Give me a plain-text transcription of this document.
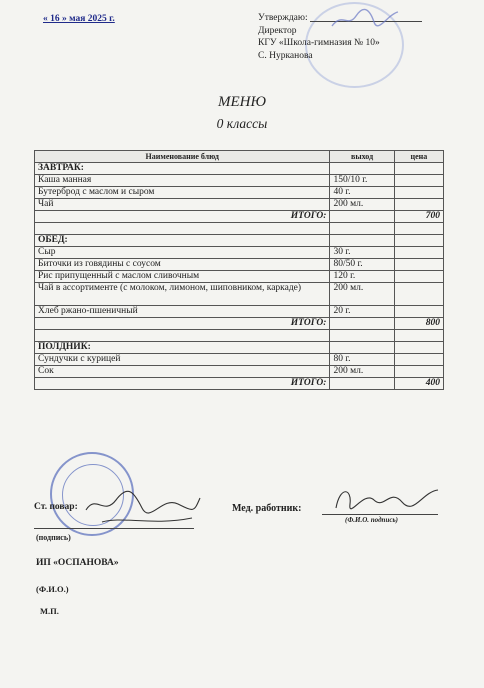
« 16 » мая 2025 г.	Утверждаю:
Директор
КГУ «Школа-гимназия № 10»
С. Нурканова
МЕНЮ
0 классы
Наименование блюд	выход	цена
ЗАВТРАК:		
Каша манная	150/10 г.	
Бутерброд с маслом и сыром	40 г.	
Чай	200 мл.	
ИТОГО:		700

ОБЕД:		
Сыр	30 г.	
Биточки из говядины с соусом	80/50 г.	
Рис припущенный с маслом сливочным	120 г.	
Чай в ассортименте (с молоком, лимоном, шиповником, каркаде)	200 мл.	
Хлеб ржано-пшеничный	20 г.	
ИТОГО:		800

ПОЛДНИК:		
Сундучки с курицей	80 г.	
Сок	200 мл.	
ИТОГО:		400
Ст. повар:
(подпись)
ИП «ОСПАНОВА»
(Ф.И.О.)
М.П.
Мед. работник:
(Ф.И.О. подпись)
